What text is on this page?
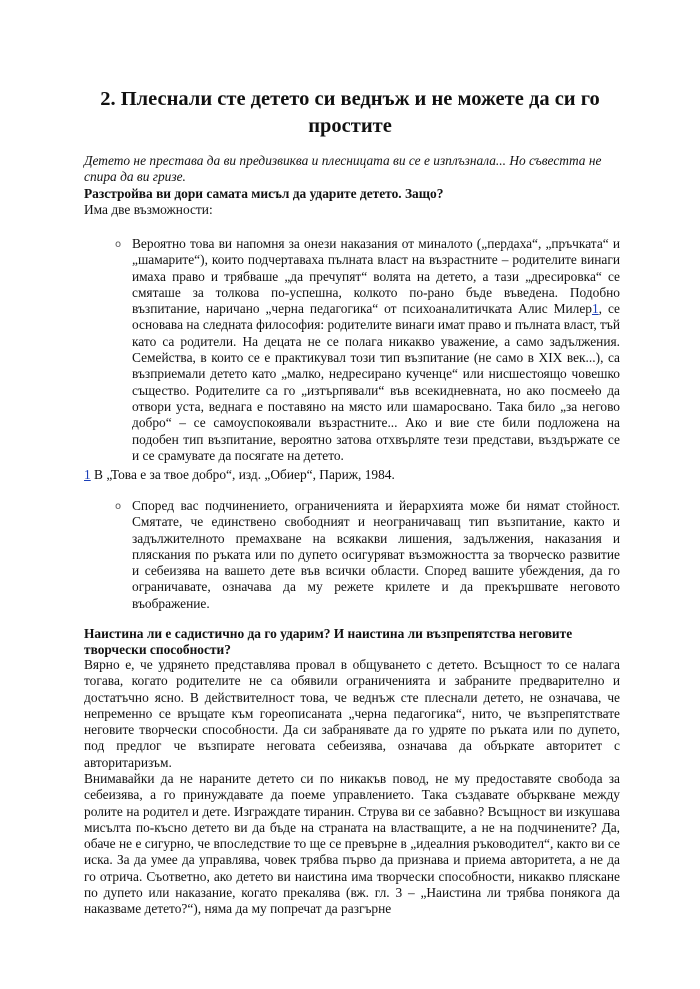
2. Плеснали сте детето си веднъж и не можете да си го простите

Детето не престава да ви предизвиква и плесницата ви се е изплъзнала... Но съвестта не спира да ви гризе.

Разстройва ви дори самата мисъл да ударите детето. Защо?

Има две възможности:

o Вероятно това ви напомня за онези наказания от миналото („пердаха“, „пръчката“ и „шамарите“), които подчертаваха пълната власт на възрастните – родителите винаги имаха право и трябваше „да пречупят“ волята на детето, а тази „дресировка“ се смяташе за толкова по-успешна, колкото по-рано бъде въведена. Подобно възпитание, наричано „черна педагогика“ от психоаналитичката Алис Милер1, се основава на следната философия: родителите винаги имат право и пълната власт, тъй като са родители. На децата не се полага никакво уважение, а само задължения. Семейства, в които се е практикувал този тип възпитание (не само в XIX век...), са възприемали детето като „малко, недресирано кученце“ или нисшестоящо човешко същество. Родителите са го „изтърпявали“ във всекидневната, но ако посмееło да отвори уста, веднага е поставяно на място или шамаросвано. Така било „за негово добро“ – се самоуспокоявали възрастните... Ако и вие сте били подложена на подобен тип възпитание, вероятно затова отхвърляте тези представи, въздържате се и се срамувате да посягате на детето.
1 В „Това е за твое добро“, изд. „Обиер“, Париж, 1984.
o Според вас подчинението, ограниченията и йерархията може би нямат стойност. Смятате, че единствено свободният и неограничаващ тип възпитание, както и задължителното премахване на всякакви лишения, задължения, наказания и пляскания по ръката или по дупето осигуряват възможността за творческо развитие и себеизява на вашето дете във всички области. Според вашите убеждения, да го ограничавате, означава да му режете крилете и да прекършвате неговото въображение.

Наистина ли е садистично да го ударим? И наистина ли възпрепятства неговите творчески способности?

Вярно е, че удрянето представлява провал в общуването с детето. Всъщност то се налага тогава, когато родителите не са обявили ограниченията и забраните предварително и достатъчно ясно. В действителност това, че веднъж сте плеснали детето, не означава, че непременно се връщате към гореописаната „черна педагогика“, нито, че възпрепятствате неговите творчески способности. Да си забранявате да го удряте по ръката или по дупето, под предлог че възпирате неговата себеизява, означава да объркате авторитет с авторитаризъм.

Внимавайки да не нараните детето си по никакъв повод, не му предоставяте свобода за себеизява, а го принуждавате да поеме управлението. Така създавате объркване между ролите на родител и дете. Изграждате тиранин. Струва ви се забавно? Всъщност ви изкушава мисълта по-късно детето ви да бъде на страната на властващите, а не на подчинените? Да, обаче не е сигурно, че впоследствие то ще се превърне в „идеалния ръководител“, както ви се иска. За да умее да управлява, човек трябва първо да признава и приема авторитета, а не да го отрича. Съответно, ако детето ви наистина има творчески способности, никакво пляскане по дупето или наказание, когато прекалява (вж. гл. 3 – „Наистина ли трябва понякога да наказваме детето?“), няма да му попречат да разгърне
